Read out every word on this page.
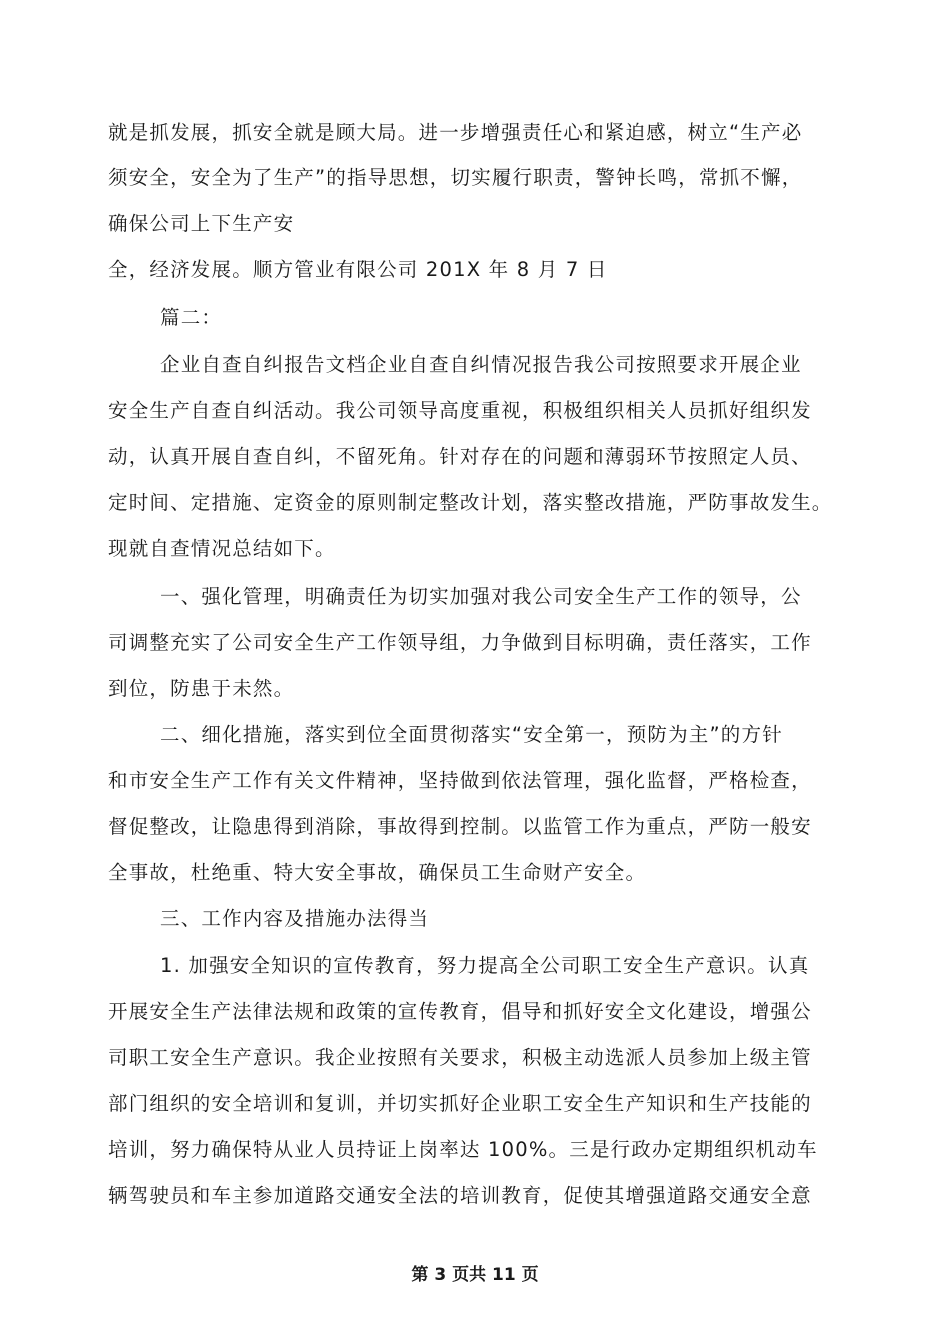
就是抓发展，抓安全就是顾大局。进一步增强责任心和紧迫感，树立“生产必
须安全，安全为了生产”的指导思想，切实履行职责，警钟长鸣，常抓不懈，
确保公司上下生产安
全，经济发展。顺方管业有限公司 201X 年 8 月 7 日
篇二：
企业自查自纠报告文档企业自查自纠情况报告我公司按照要求开展企业
安全生产自查自纠活动。我公司领导高度重视，积极组织相关人员抓好组织发
动，认真开展自查自纠，不留死角。针对存在的问题和薄弱环节按照定人员、
定时间、定措施、定资金的原则制定整改计划，落实整改措施，严防事故发生。
现就自查情况总结如下。
一、强化管理，明确责任为切实加强对我公司安全生产工作的领导，公
司调整充实了公司安全生产工作领导组，力争做到目标明确，责任落实，工作
到位，防患于未然。
二、细化措施，落实到位全面贯彻落实“安全第一，预防为主”的方针
和市安全生产工作有关文件精神，坚持做到依法管理，强化监督，严格检查，
督促整改，让隐患得到消除，事故得到控制。以监管工作为重点，严防一般安
全事故，杜绝重、特大安全事故，确保员工生命财产安全。
三、工作内容及措施办法得当
1. 加强安全知识的宣传教育，努力提高全公司职工安全生产意识。认真
开展安全生产法律法规和政策的宣传教育，倡导和抓好安全文化建设，增强公
司职工安全生产意识。我企业按照有关要求，积极主动选派人员参加上级主管
部门组织的安全培训和复训，并切实抓好企业职工安全生产知识和生产技能的
培训，努力确保特从业人员持证上岗率达 100%。三是行政办定期组织机动车
辆驾驶员和车主参加道路交通安全法的培训教育，促使其增强道路交通安全意
第 3 页共 11 页
